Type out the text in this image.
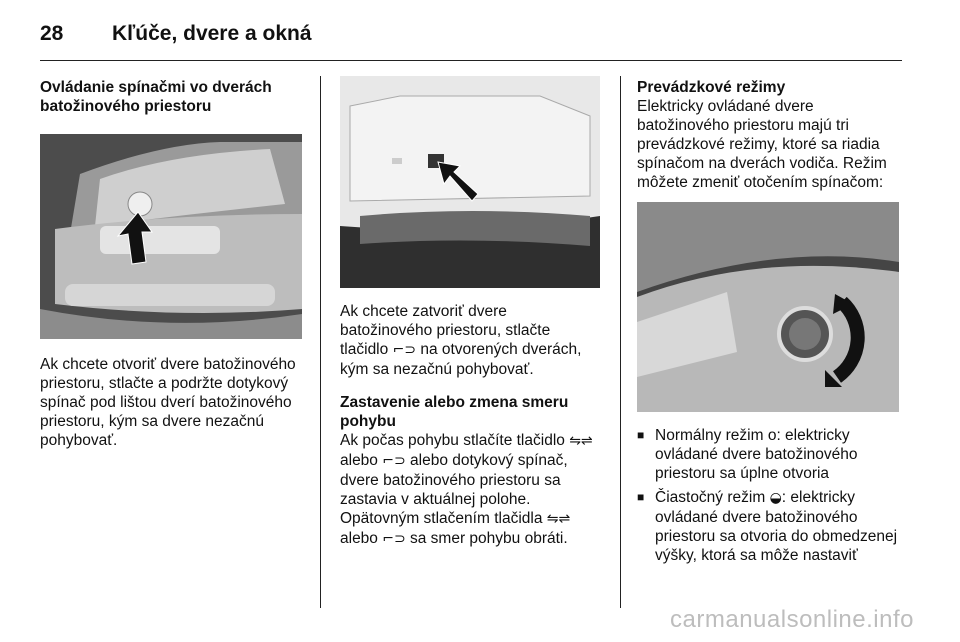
28 Kľúče, dvere a okná

Ovládanie spínačmi vo dverách batožinového priestoru

Ak chcete otvoriť dvere batožinového priestoru, stlačte a podržte dotykový spínač pod lištou dverí batožinového priestoru, kým sa dvere nezačnú pohybovať.

Ak chcete zatvoriť dvere batožinového priestoru, stlačte tlačidlo ⌐⊃ na otvorených dverách, kým sa nezačnú pohybovať.

Zastavenie alebo zmena smeru pohybu

Ak počas pohybu stlačíte tlačidlo ⇋⇌ alebo ⌐⊃ alebo dotykový spínač, dvere batožinového priestoru sa zastavia v aktuálnej polohe. Opätovným stlačením tlačidla ⇋⇌ alebo ⌐⊃ sa smer pohybu obráti.

Prevádzkové režimy

Elektricky ovládané dvere batožinového priestoru majú tri prevádzkové režimy, ktoré sa riadia spínačom na dverách vodiča. Režim môžete zmeniť otočením spínačom:

■ Normálny režim o: elektricky ovládané dvere batožinového priestoru sa úplne otvoria
■ Čiastočný režim ◒: elektricky ovládané dvere batožinového priestoru sa otvoria do obmedzenej výšky, ktorá sa môže nastaviť
carmanualsonline.info
